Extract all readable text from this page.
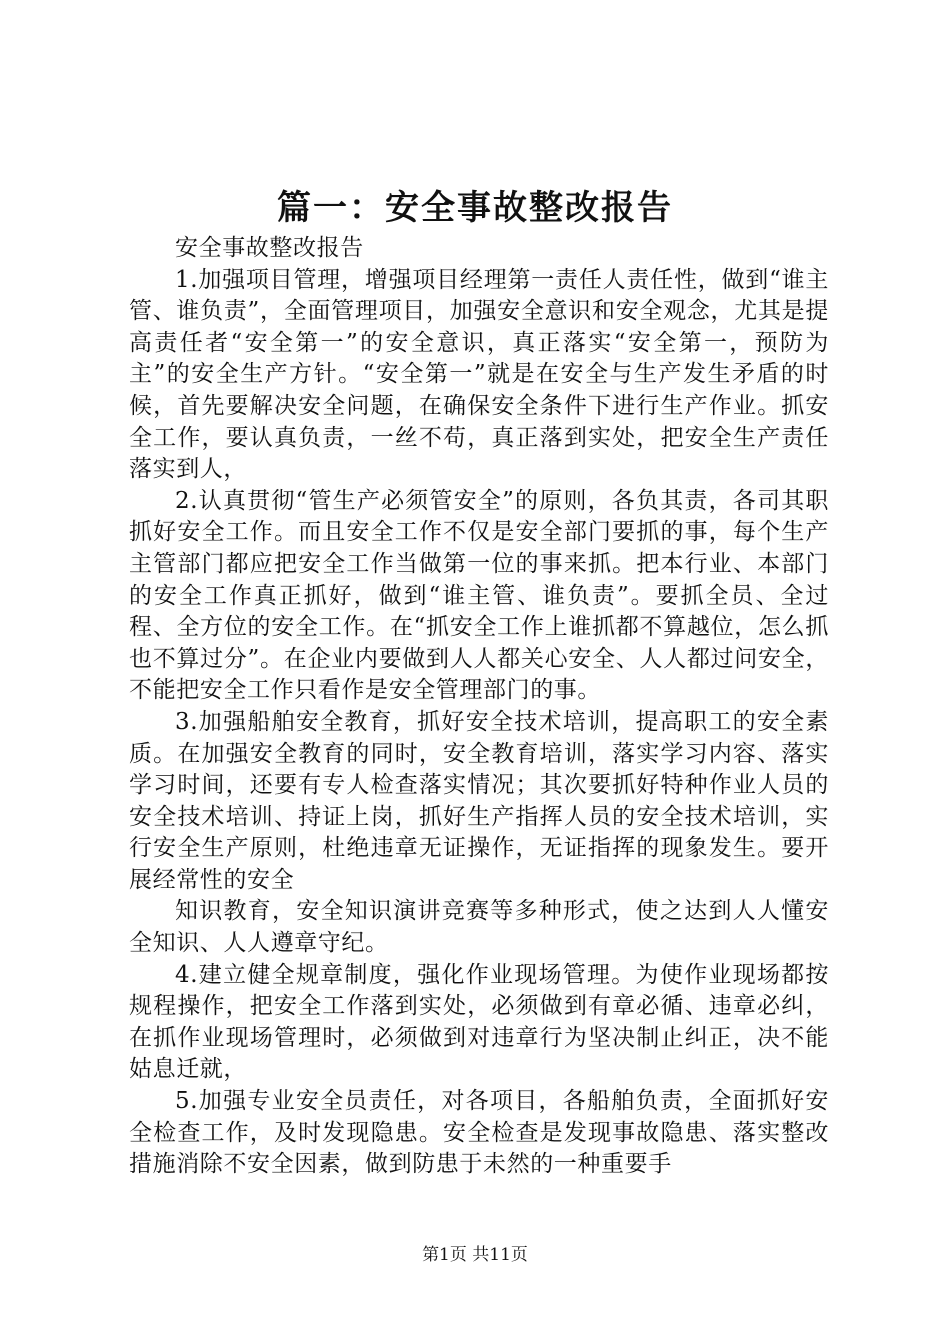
篇一：安全事故整改报告

安全事故整改报告

1.加强项目管理，增强项目经理第一责任人责任性，做到“谁主管、谁负责”，全面管理项目，加强安全意识和安全观念，尤其是提高责任者“安全第一”的安全意识，真正落实“安全第一，预防为主”的安全生产方针。“安全第一”就是在安全与生产发生矛盾的时候，首先要解决安全问题，在确保安全条件下进行生产作业。抓安全工作，要认真负责，一丝不苟，真正落到实处，把安全生产责任落实到人，

2.认真贯彻“管生产必须管安全”的原则，各负其责，各司其职抓好安全工作。而且安全工作不仅是安全部门要抓的事，每个生产主管部门都应把安全工作当做第一位的事来抓。把本行业、本部门的安全工作真正抓好，做到“谁主管、谁负责”。要抓全员、全过程、全方位的安全工作。在“抓安全工作上谁抓都不算越位，怎么抓也不算过分”。在企业内要做到人人都关心安全、人人都过问安全，不能把安全工作只看作是安全管理部门的事。

3.加强船舶安全教育，抓好安全技术培训，提高职工的安全素质。在加强安全教育的同时，安全教育培训，落实学习内容、落实学习时间，还要有专人检查落实情况；其次要抓好特种作业人员的安全技术培训、持证上岗，抓好生产指挥人员的安全技术培训，实行安全生产原则，杜绝违章无证操作，无证指挥的现象发生。要开展经常性的安全

知识教育，安全知识演讲竞赛等多种形式，使之达到人人懂安全知识、人人遵章守纪。

4.建立健全规章制度，强化作业现场管理。为使作业现场都按规程操作，把安全工作落到实处，必须做到有章必循、违章必纠，在抓作业现场管理时，必须做到对违章行为坚决制止纠正，决不能姑息迁就，

5.加强专业安全员责任，对各项目，各船舶负责，全面抓好安全检查工作，及时发现隐患。安全检查是发现事故隐患、落实整改措施消除不安全因素，做到防患于未然的一种重要手

第1页 共11页
